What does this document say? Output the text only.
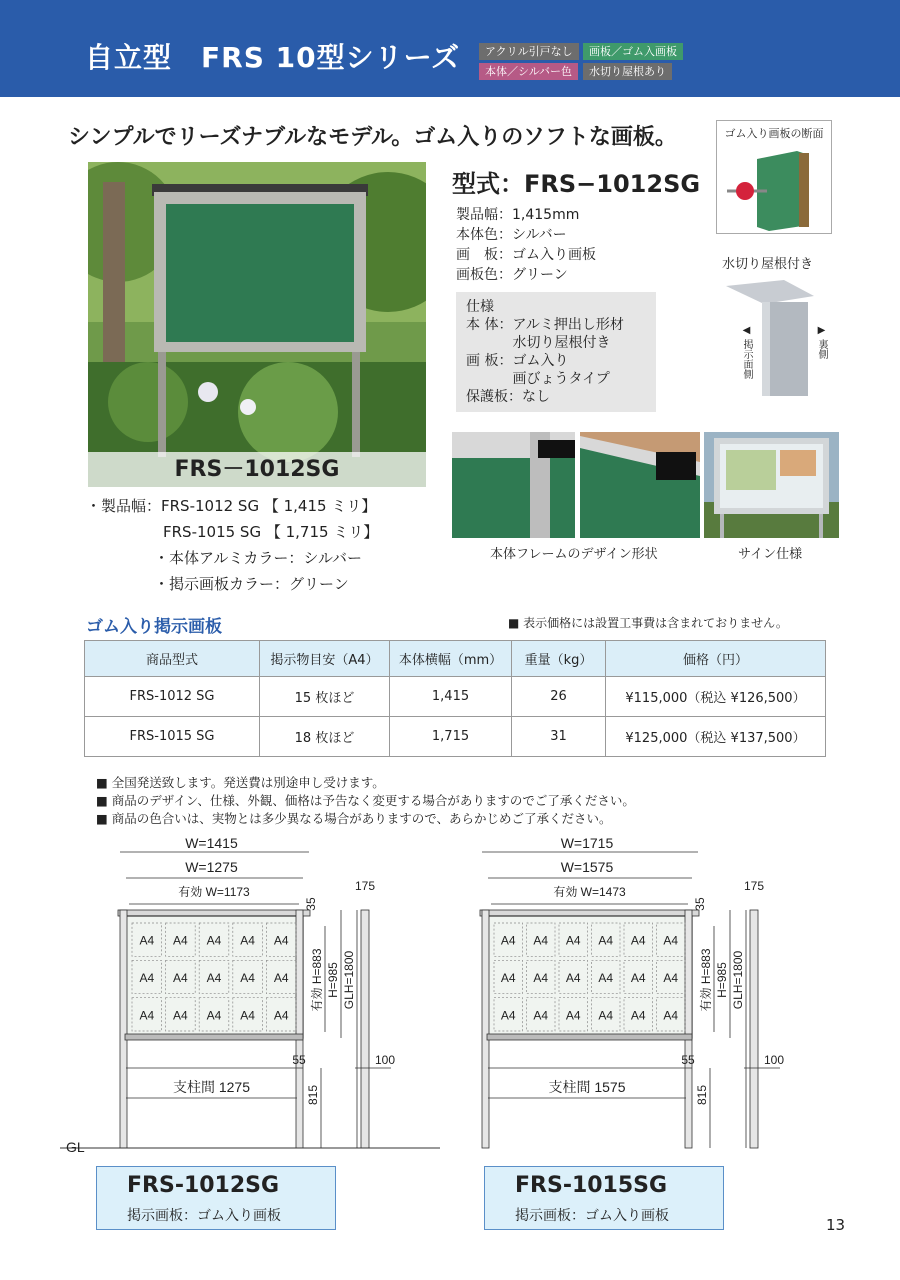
自立型　FRS 10型シリーズ	アクリル引戸なし	画板／ゴム入画板
本体／シルバー色	水切り屋根あり
シンプルでリーズナブルなモデル。ゴム入りのソフトな画板。
FRS－1012SG
・製品幅：FRS-1012 SG 【 1,415 ミリ】
FRS-1015 SG 【 1,715 ミリ】
・本体アルミカラー：シルバー
・掲示画板カラー：グリーン
型式：FRS−1012SG
製品幅：1,415mm
本体色：シルバー
画　板：ゴム入り画板
画板色：グリーン
仕様
本 体：アルミ押出し形材
　　　 水切り屋根付き
画 板：ゴム入り
　　　 画びょうタイプ
保護板：なし
ゴム入り画板の断面
水切り屋根付き
◀ 掲示面側	▶ 裏側
本体フレームのデザイン形状	サイン仕様
ゴム入り掲示画板	■ 表示価格には設置工事費は含まれておりません。
商品型式	掲示物目安（A4）	本体横幅（mm）	重量（kg）	価格（円）
FRS-1012 SG	15 枚ほど	1,415	26	¥115,000（税込 ¥126,500）
FRS-1015 SG	18 枚ほど	1,715	31	¥125,000（税込 ¥137,500）
■ 全国発送致します。発送費は別途申し受けます。
■ 商品のデザイン、仕様、外観、価格は予告なく変更する場合がありますのでご了承ください。
■ 商品の色合いは、実物とは多少異なる場合がありますので、あらかじめご了承ください。
W=1415
W=1275
有効 W=1173
A4 A4 A4 A4 A4
A4 A4 A4 A4 A4
A4 A4 A4 A4 A4
35
有効 H=883 H=985 GLH=1800
815
55
支柱間 1275
175
100
W=1715
W=1575
有効 W=1473
A4 A4 A4 A4 A4 A4
A4 A4 A4 A4 A4 A4
A4 A4 A4 A4 A4 A4
35
有効 H=883 H=985 GLH=1800
815
55
支柱間 1575
175
100
GL
FRS-1012SG
掲示画板：ゴム入り画板
FRS-1015SG
掲示画板：ゴム入り画板	13
